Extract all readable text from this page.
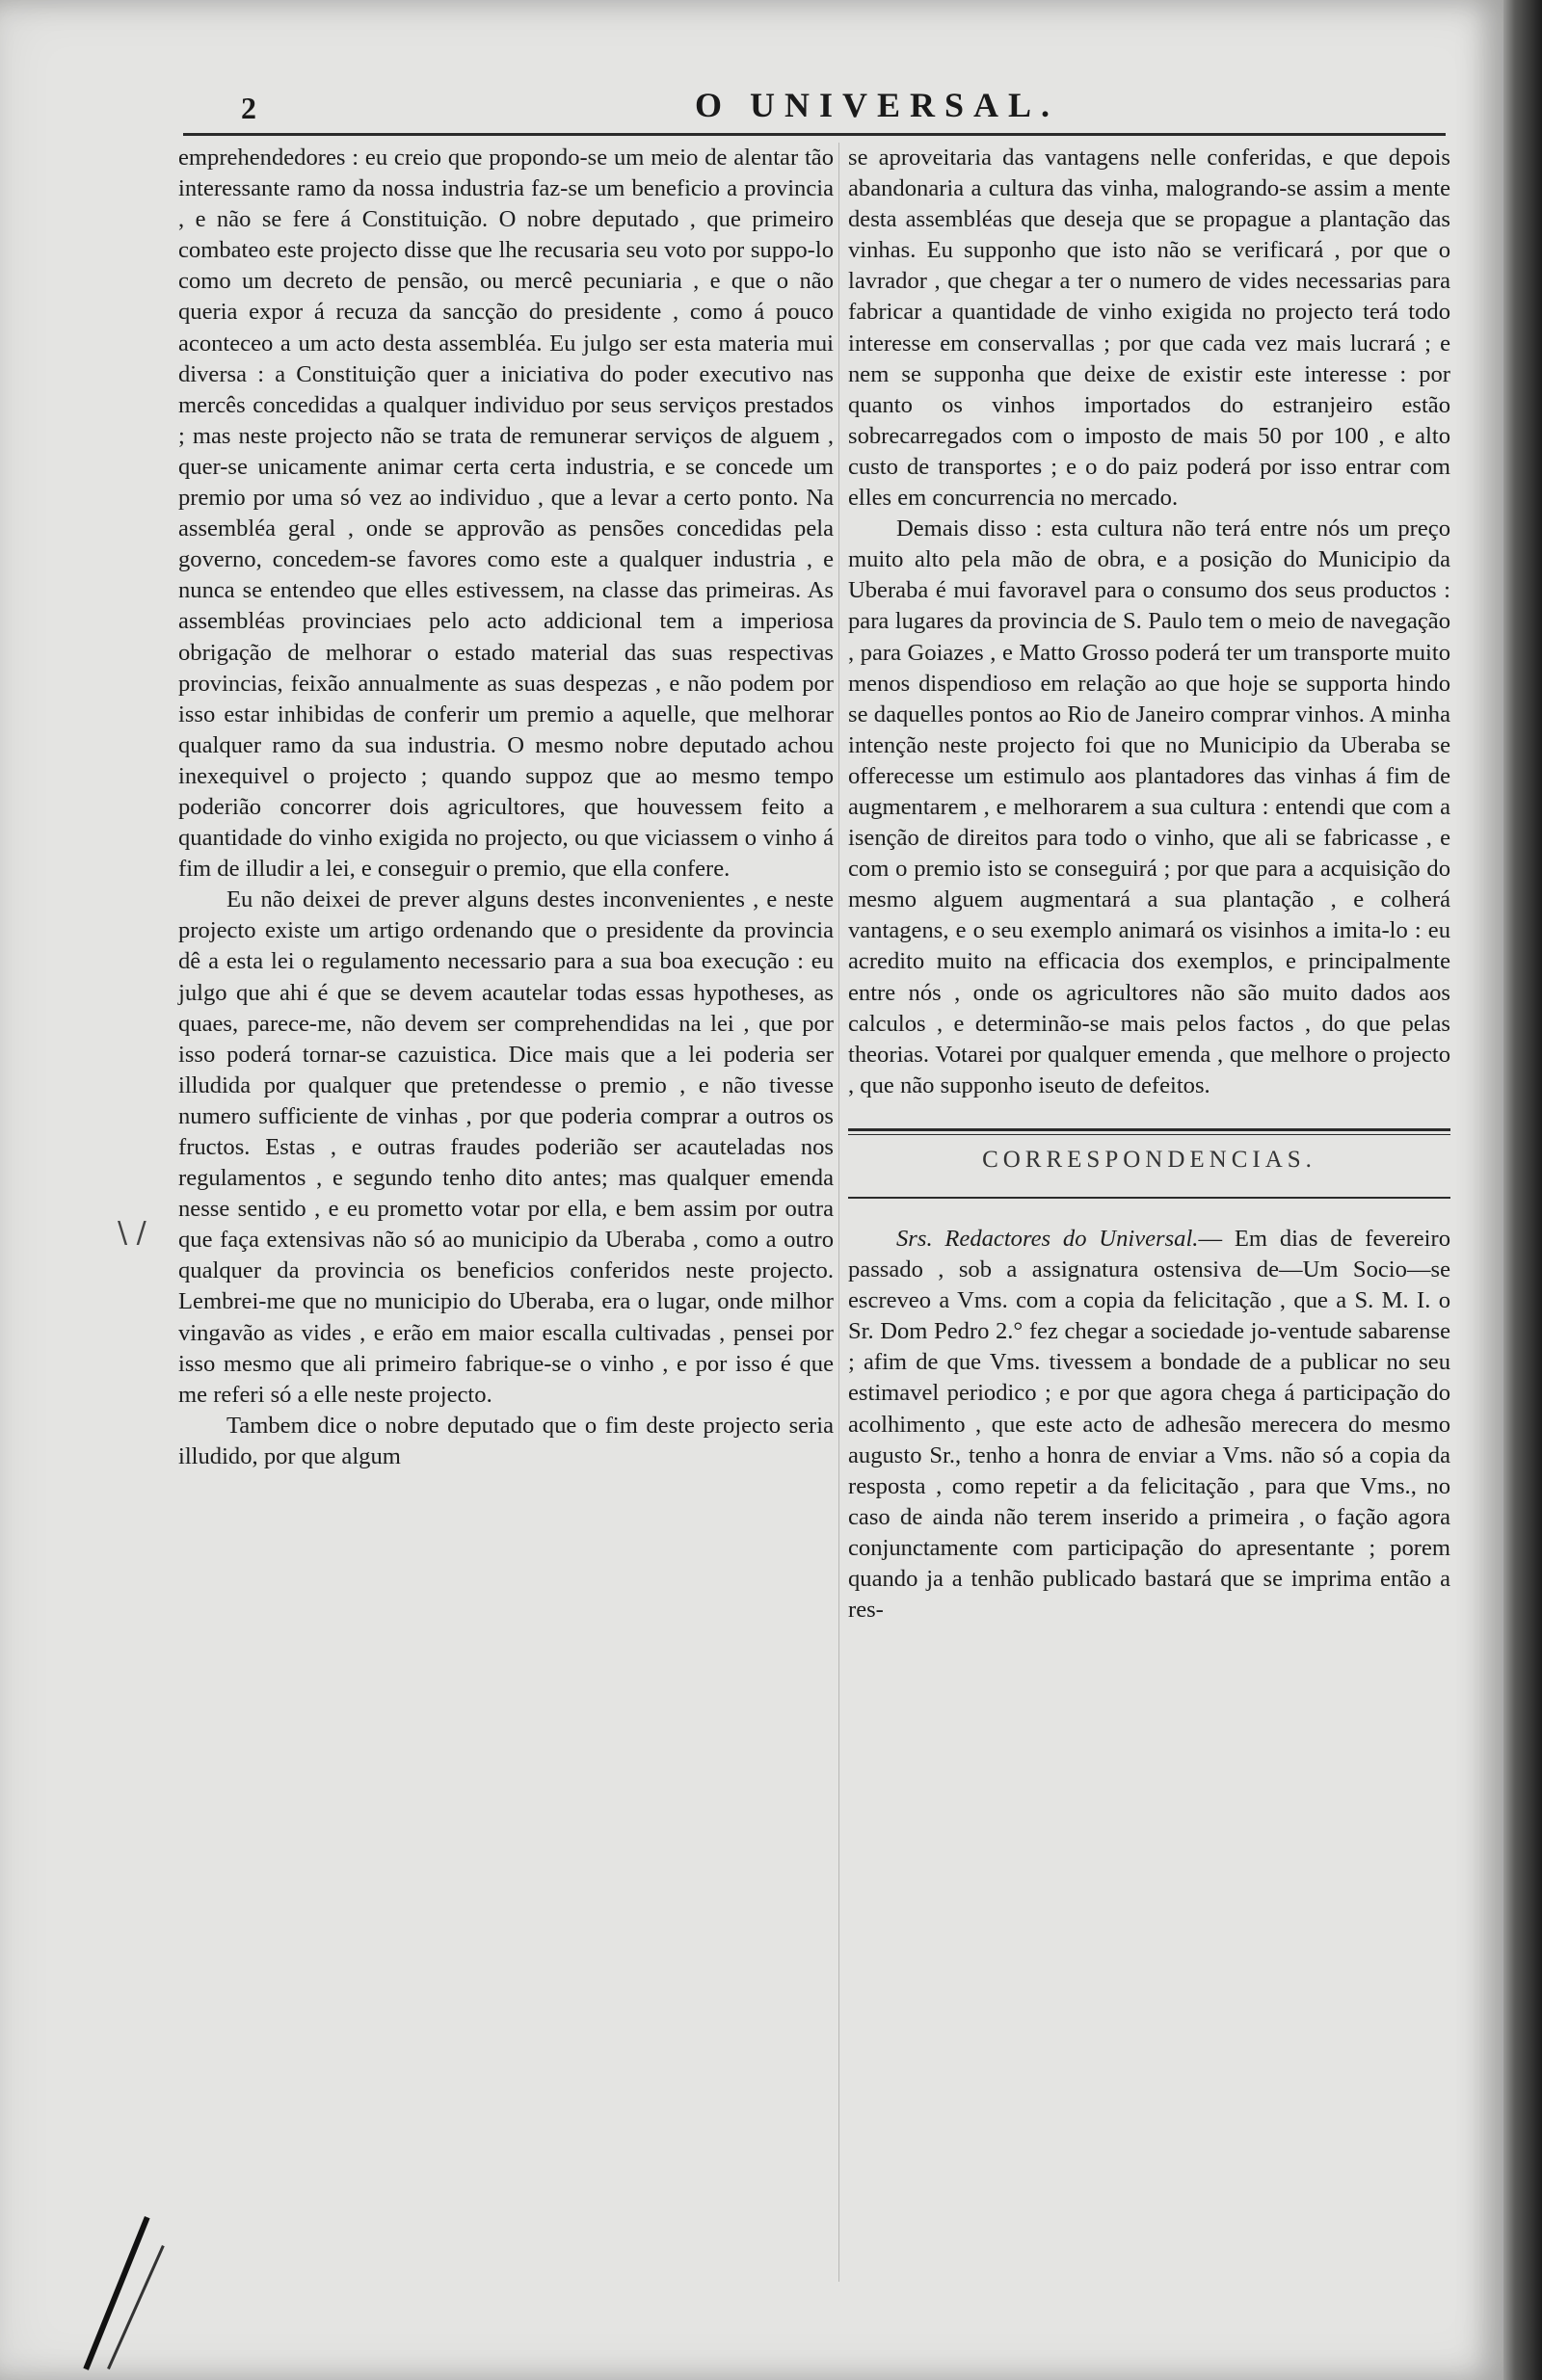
2	O UNIVERSAL.

emprehendedores : eu creio que propondo-se um meio de alentar tão interessante ramo da nossa industria faz-se um beneficio a provincia , e não se fere á Constituição. O nobre deputado , que primeiro combateo este projecto disse que lhe recusaria seu voto por suppo-lo como um decreto de pensão, ou mercê pecuniaria , e que o não queria expor á recuza da sancção do presidente , como á pouco aconteceo a um acto desta assembléa. Eu julgo ser esta materia mui diversa : a Constituição quer a iniciativa do poder executivo nas mercês concedidas a qualquer individuo por seus serviços prestados ; mas neste projecto não se trata de remunerar serviços de alguem , quer-se unicamente animar certa certa industria, e se concede um premio por uma só vez ao individuo , que a levar a certo ponto. Na assembléa geral , onde se approvão as pensões concedidas pela governo, concedem-se favores como este a qualquer industria , e nunca se entendeo que elles estivessem, na classe das primeiras. As assembléas provinciaes pelo acto addicional tem a imperiosa obrigação de melhorar o estado material das suas respectivas provincias, feixão annualmente as suas despezas , e não podem por isso estar inhibidas de conferir um premio a aquelle, que melhorar qualquer ramo da sua industria. O mesmo nobre deputado achou inexequivel o projecto ; quando suppoz que ao mesmo tempo poderião concorrer dois agricultores, que houvessem feito a quantidade do vinho exigida no projecto, ou que viciassem o vinho á fim de illudir a lei, e conseguir o premio, que ella confere.

Eu não deixei de prever alguns destes inconvenientes , e neste projecto existe um artigo ordenando que o presidente da provincia dê a esta lei o regulamento necessario para a sua boa execução : eu julgo que ahi é que se devem acautelar todas essas hypotheses, as quaes, parece-me, não devem ser comprehendidas na lei , que por isso poderá tornar-se cazuistica. Dice mais que a lei poderia ser illudida por qualquer que pretendesse o premio , e não tivesse numero sufficiente de vinhas , por que poderia comprar a outros os fructos. Estas , e outras fraudes poderião ser acauteladas nos regulamentos , e segundo tenho dito antes; mas qualquer emenda nesse sentido , e eu prometto votar por ella, e bem assim por outra que faça extensivas não só ao municipio da Uberaba , como a outro qualquer da provincia os beneficios conferidos neste projecto. Lembrei-me que no municipio do Uberaba, era o lugar, onde milhor vingavão as vides , e erão em maior escalla cultivadas , pensei por isso mesmo que ali primeiro fabrique-se o vinho , e por isso é que me referi só a elle neste projecto.

Tambem dice o nobre deputado que o fim deste projecto seria illudido, por que algum

se aproveitaria das vantagens nelle conferidas, e que depois abandonaria a cultura das vinha, malogrando-se assim a mente desta assembléas que deseja que se propague a plantação das vinhas. Eu supponho que isto não se verificará , por que o lavrador , que chegar a ter o numero de vides necessarias para fabricar a quantidade de vinho exigida no projecto terá todo interesse em conservallas ; por que cada vez mais lucrará ; e nem se supponha que deixe de existir este interesse : por quanto os vinhos importados do estranjeiro estão sobrecarregados com o imposto de mais 50 por 100 , e alto custo de transportes ; e o do paiz poderá por isso entrar com elles em concurrencia no mercado.

Demais disso : esta cultura não terá entre nós um preço muito alto pela mão de obra, e a posição do Municipio da Uberaba é mui favoravel para o consumo dos seus productos : para lugares da provincia de S. Paulo tem o meio de navegação , para Goiazes , e Matto Grosso poderá ter um transporte muito menos dispendioso em relação ao que hoje se supporta hindo se daquelles pontos ao Rio de Janeiro comprar vinhos. A minha intenção neste projecto foi que no Municipio da Uberaba se offerecesse um estimulo aos plantadores das vinhas á fim de augmentarem , e melhorarem a sua cultura : entendi que com a isenção de direitos para todo o vinho, que ali se fabricasse , e com o premio isto se conseguirá ; por que para a acquisição do mesmo alguem augmentará a sua plantação , e colherá vantagens, e o seu exemplo animará os visinhos a imita-lo : eu acredito muito na efficacia dos exemplos, e principalmente entre nós , onde os agricultores não são muito dados aos calculos , e determinão-se mais pelos factos , do que pelas theorias. Votarei por qualquer emenda , que melhore o projecto , que não supponho iseuto de defeitos.

CORRESPONDENCIAS.

Srs. Redactores do Universal.— Em dias de fevereiro passado , sob a assignatura ostensiva de—Um Socio—se escreveo a Vms. com a copia da felicitação , que a S. M. I. o Sr. Dom Pedro 2.° fez chegar a sociedade jo-ventude sabarense ; afim de que Vms. tivessem a bondade de a publicar no seu estimavel periodico ; e por que agora chega á participação do acolhimento , que este acto de adhesão merecera do mesmo augusto Sr., tenho a honra de enviar a Vms. não só a copia da resposta , como repetir a da felicitação , para que Vms., no caso de ainda não terem inserido a primeira , o fação agora conjunctamente com participação do apresentante ; porem quando ja a tenhão publicado bastará que se imprima então a res-

\ /
